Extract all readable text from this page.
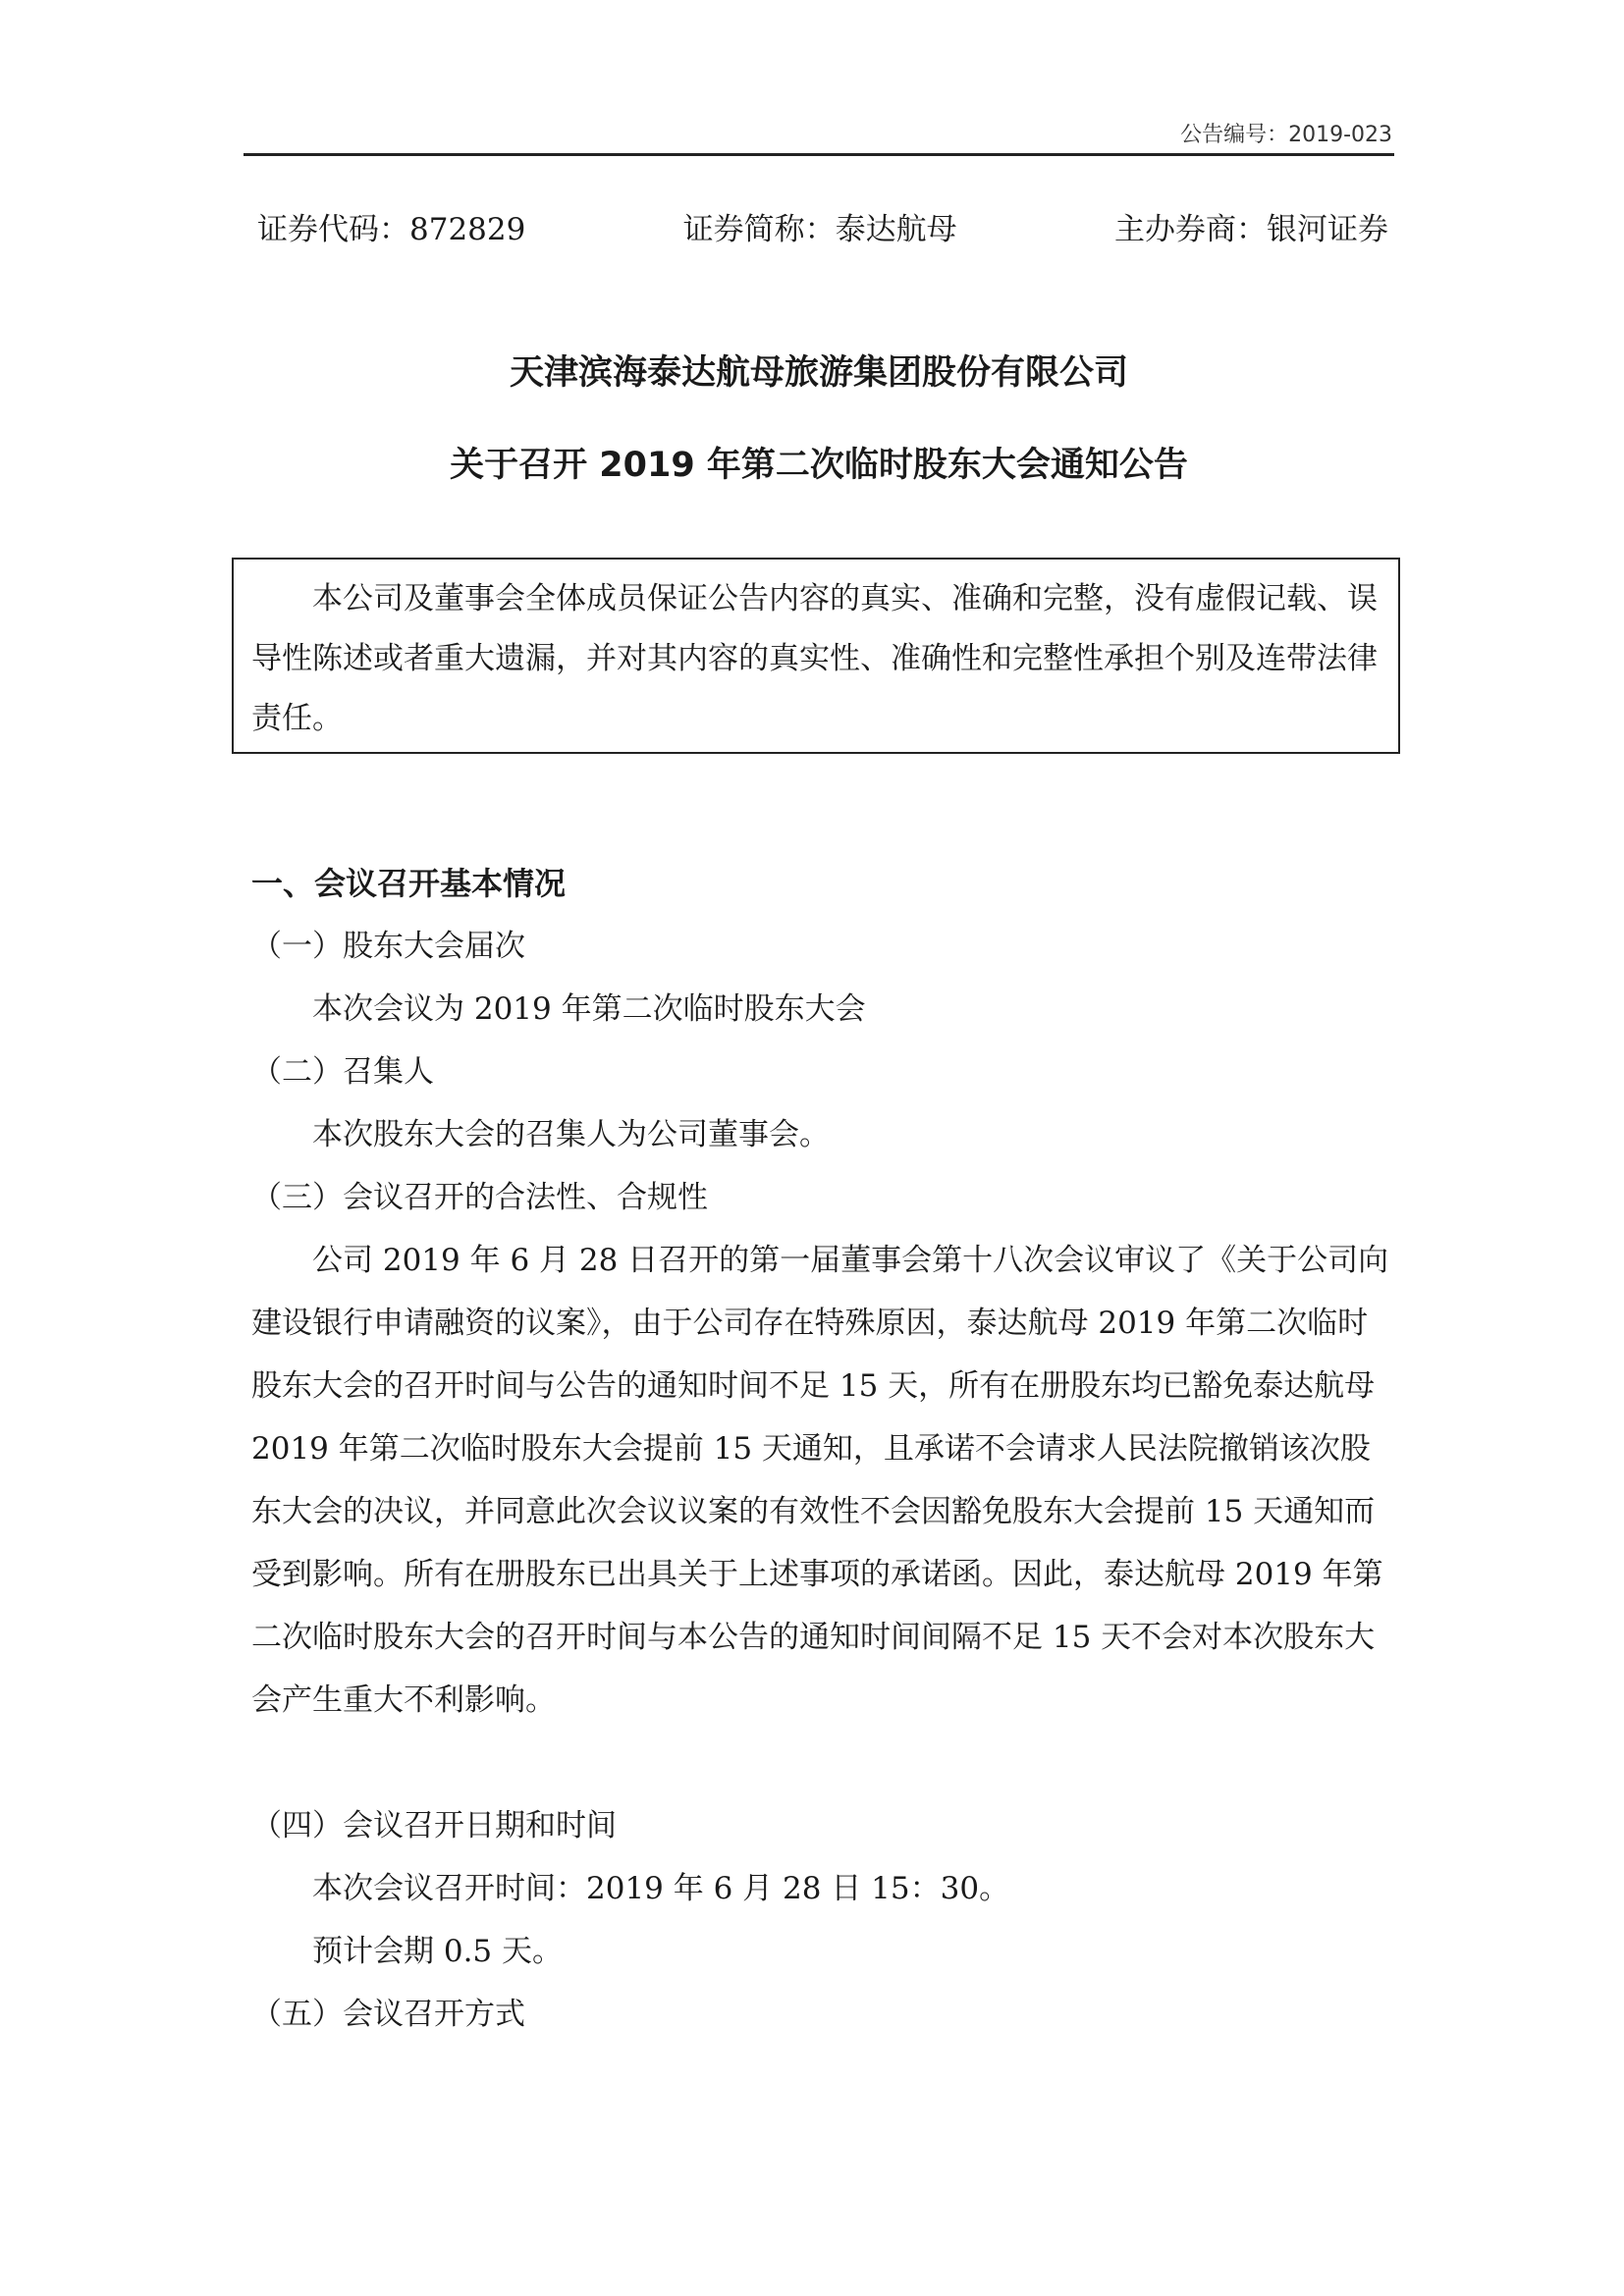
公告编号：2019-023
证券代码：872829	证券简称：泰达航母	主办券商：银河证券
天津滨海泰达航母旅游集团股份有限公司
关于召开 2019 年第二次临时股东大会通知公告

本公司及董事会全体成员保证公告内容的真实、准确和完整，没有虚假记载、误导性陈述或者重大遗漏，并对其内容的真实性、准确性和完整性承担个别及连带法律责任。

一、会议召开基本情况

（一）股东大会届次

本次会议为 2019 年第二次临时股东大会

（二）召集人

本次股东大会的召集人为公司董事会。

（三）会议召开的合法性、合规性

公司 2019 年 6 月 28 日召开的第一届董事会第十八次会议审议了《关于公司向建设银行申请融资的议案》，由于公司存在特殊原因，泰达航母 2019 年第二次临时股东大会的召开时间与公告的通知时间不足 15 天，所有在册股东均已豁免泰达航母 2019 年第二次临时股东大会提前 15 天通知，且承诺不会请求人民法院撤销该次股东大会的决议，并同意此次会议议案的有效性不会因豁免股东大会提前 15 天通知而受到影响。所有在册股东已出具关于上述事项的承诺函。因此，泰达航母 2019 年第二次临时股东大会的召开时间与本公告的通知时间间隔不足 15 天不会对本次股东大会产生重大不利影响。

（四）会议召开日期和时间

本次会议召开时间：2019 年 6 月 28 日 15：30。

预计会期 0.5 天。

（五）会议召开方式
